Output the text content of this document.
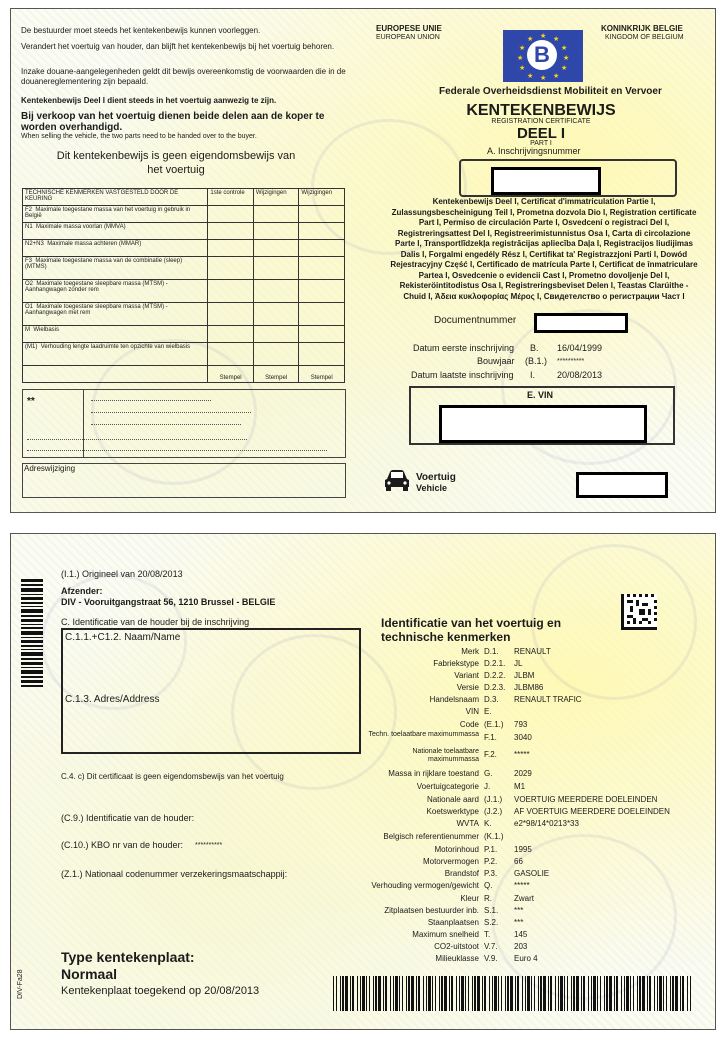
De bestuurder moet steeds het kentekenbewijs kunnen voorleggen.
Verandert het voertuig van houder, dan blijft het kentekenbewijs bij het voertuig behoren.
Inzake douane-aangelegenheden geldt dit bewijs overeenkomstig de voorwaarden die in de douanereglementering zijn bepaald.
Kentekenbewijs Deel I dient steeds in het voertuig aanwezig te zijn.
Bij verkoop van het voertuig dienen beide delen aan de koper te worden overhandigd.
When selling the vehicle, the two parts need to be handed over to the buyer.
Dit kentekenbewijs is geen eigendomsbewijs van het voertuig
TECHNISCHE KENMERKEN VASTGESTELD DOOR DE KEURING	1ste controle	Wijzigingen	Wijzigingen
F2 Maximale toegestane massa van het voertuig in gebruik in België			
N1 Maximale massa voorlan (MMVA)			
N2+N3 Maximale massa achteren (MMAR)			
F3 Maximale toegestane massa van de combinatie (sleep) (MTMS)			
O2 Maximale toegestane sleepbare massa (MTSM) - Aanhangwagen zonder rem			
O1 Maximale toegestane sleepbare massa (MTSM) - Aanhangwagen met rem			
M Wielbasis			
(M1) Verhouding lengte laadruimte ten opzichte van wielbasis			
	Stempel	Stempel	Stempel
**
Adreswijziging
EUROPESE UNIE
EUROPEAN UNION
KONINKRIJK BELGIE
KINGDOM OF BELGIUM
★ ★
★
★
★
★
★
★
★
★
★
★
B
Federale Overheidsdienst Mobiliteit en Vervoer
KENTEKENBEWIJS
REGISTRATION CERTIFICATE
DEEL I
PART I
A. Inschrijvingsnummer
Kentekenbewijs Deel I, Certificat d'immatriculation Partie I, Zulassungsbescheinigung Teil I, Prometna dozvola Dio I, Registration certificate Part I, Permiso de circulación Parte I, Osvedcení o registraci Del I, Registreringsattest Del I, Registreerimistunnistus Osa I, Carta di circolazione Parte I, Transportlīdzekļa registrācijas apliecība Daļa I, Registracijos liudijimas Dalis I, Forgalmi engedély Rész I, Certifikat ta' Registrazzjoni Parti I, Dowód Rejestracyjny Część I, Certificado de matrícula Parte I, Certificat de înmatriculare Partea I, Osvedcenie o evidencii Cast I, Prometno dovoljenje Del I, Rekisteröintitodistus Osa I, Registreringsbeviset Delen I, Teastas Clarúithe - Chuid I, Άδεια κυκλοφορίας Μέρος Ι, Свидетелство о регистрации Част I
Documentnummer
Datum eerste inschrijving B. 16/04/1999
Bouwjaar (B.1.) **********
Datum laatste inschrijving I. 20/08/2013
E. VIN
Voertuig
Vehicle
(I.1.) Origineel van 20/08/2013
Afzender:
DIV - Vooruitgangstraat 56, 1210 Brussel - BELGIE
C. Identificatie van de houder bij de inschrijving
C.1.1.+C1.2. Naam/Name
C.1.3. Adres/Address
C.4. c) Dit certificaat is geen eigendomsbewijs van het voertuig
(C.9.) Identificatie van de houder:
(C.10.) KBO nr van de houder: **********
(Z.1.) Nationaal codenummer verzekeringsmaatschappij:
Type kentekenplaat:
Normaal
Kentekenplaat toegekend op 20/08/2013
DIV-Fa28
Identificatie van het voertuig en technische kenmerken
Merk D.1. RENAULT
Fabriekstype D.2.1. JL
Variant D.2.2. JLBM
Versie D.2.3. JLBM86
Handelsnaam D.3. RENAULT TRAFIC
VIN E.
Code (E.1.) 793
Techn. toelaatbare maximummassa F.1. 3040
Nationale toelaatbare maximummassa
F.2. *****
Massa in rijklare toestand G.	2029
Voertuigcategorie J.	M1
Nationale aard (J.1.) VOERTUIG MEERDERE DOELEINDEN
Koetswerktype (J.2.) AF VOERTUIG MEERDERE DOELEINDEN
WVTA K.	e2*98/14*0213*33
Belgisch referentienummer (K.1.)
Motorinhoud P.1. 1995
Motorvermogen P.2. 66
Brandstof P.3. GASOLIE
Verhouding vermogen/gewicht Q.	*****
Kleur R.	Zwart
Zitplaatsen bestuurder inb. S.1. ***
Staanplaatsen S.2. ***
Maximum snelheid T.	145
CO2-uitstoot V.7. 203
Milieuklasse V.9. Euro 4
